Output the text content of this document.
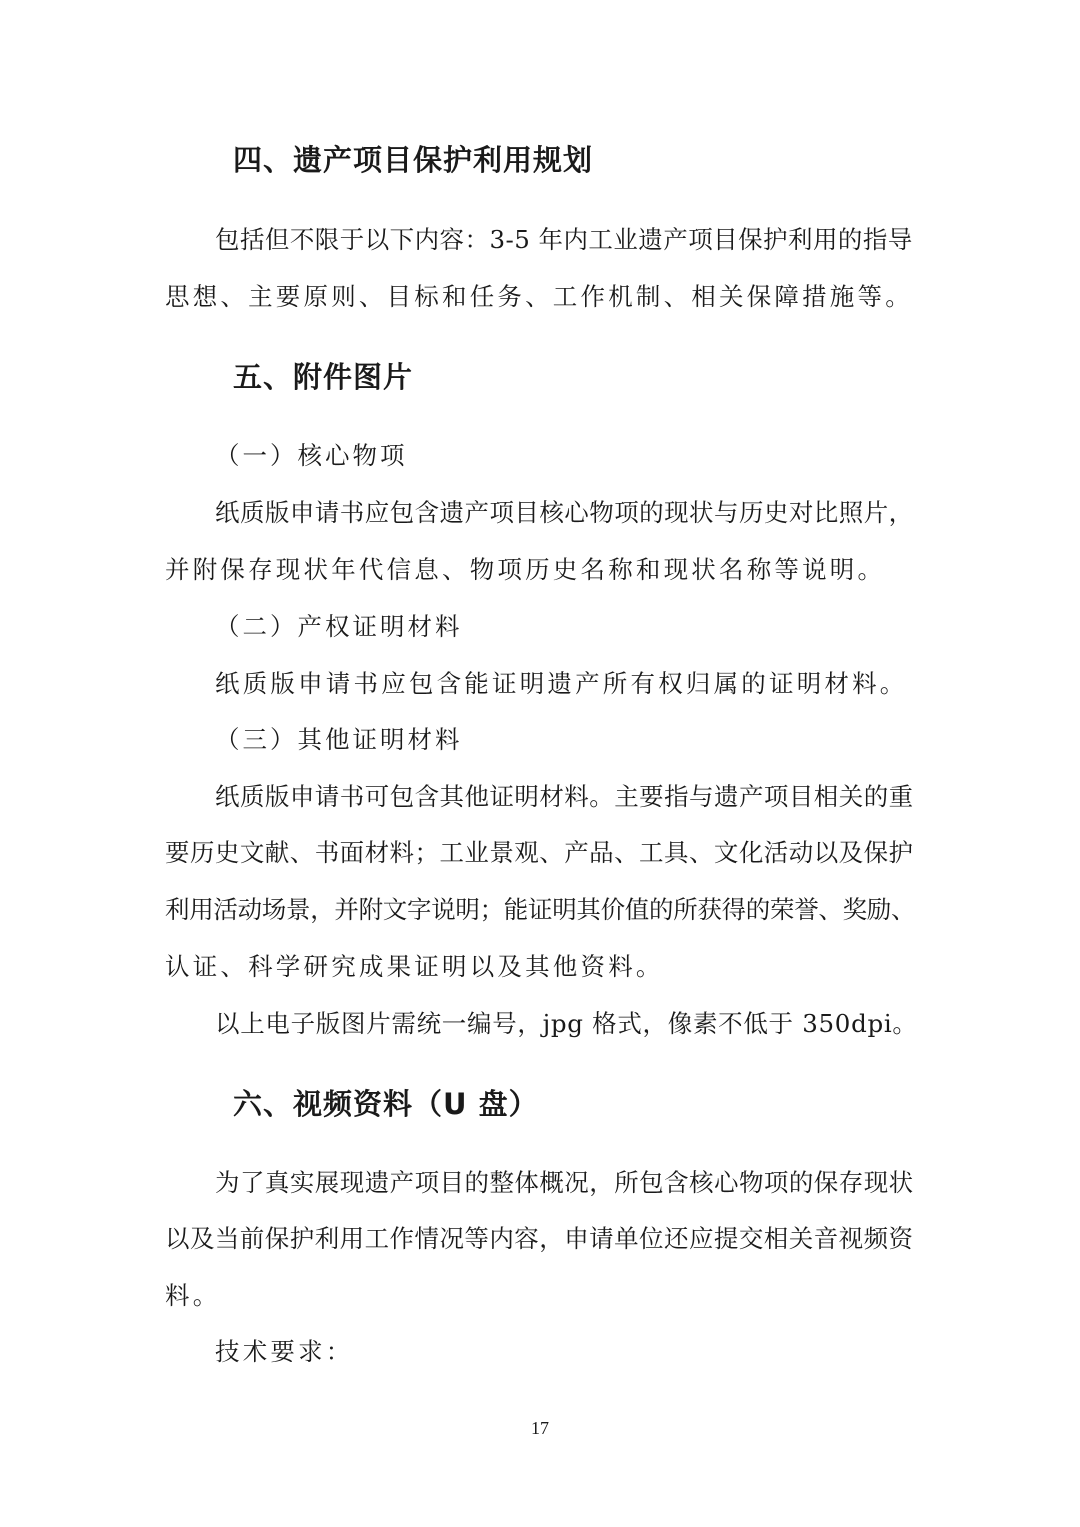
四、遗产项目保护利用规划
包括但不限于以下内容：3-5 年内工业遗产项目保护利用的指导
思想、主要原则、目标和任务、工作机制、相关保障措施等。
五、附件图片
（一）核心物项
纸质版申请书应包含遗产项目核心物项的现状与历史对比照片，
并附保存现状年代信息、物项历史名称和现状名称等说明。
（二）产权证明材料
纸质版申请书应包含能证明遗产所有权归属的证明材料。
（三）其他证明材料
纸质版申请书可包含其他证明材料。主要指与遗产项目相关的重
要历史文献、书面材料；工业景观、产品、工具、文化活动以及保护
利用活动场景，并附文字说明；能证明其价值的所获得的荣誉、奖励、
认证、科学研究成果证明以及其他资料。
以上电子版图片需统一编号，jpg 格式，像素不低于 350dpi。
六、视频资料（U 盘）
为了真实展现遗产项目的整体概况，所包含核心物项的保存现状
以及当前保护利用工作情况等内容，申请单位还应提交相关音视频资
料。
技术要求：
17
